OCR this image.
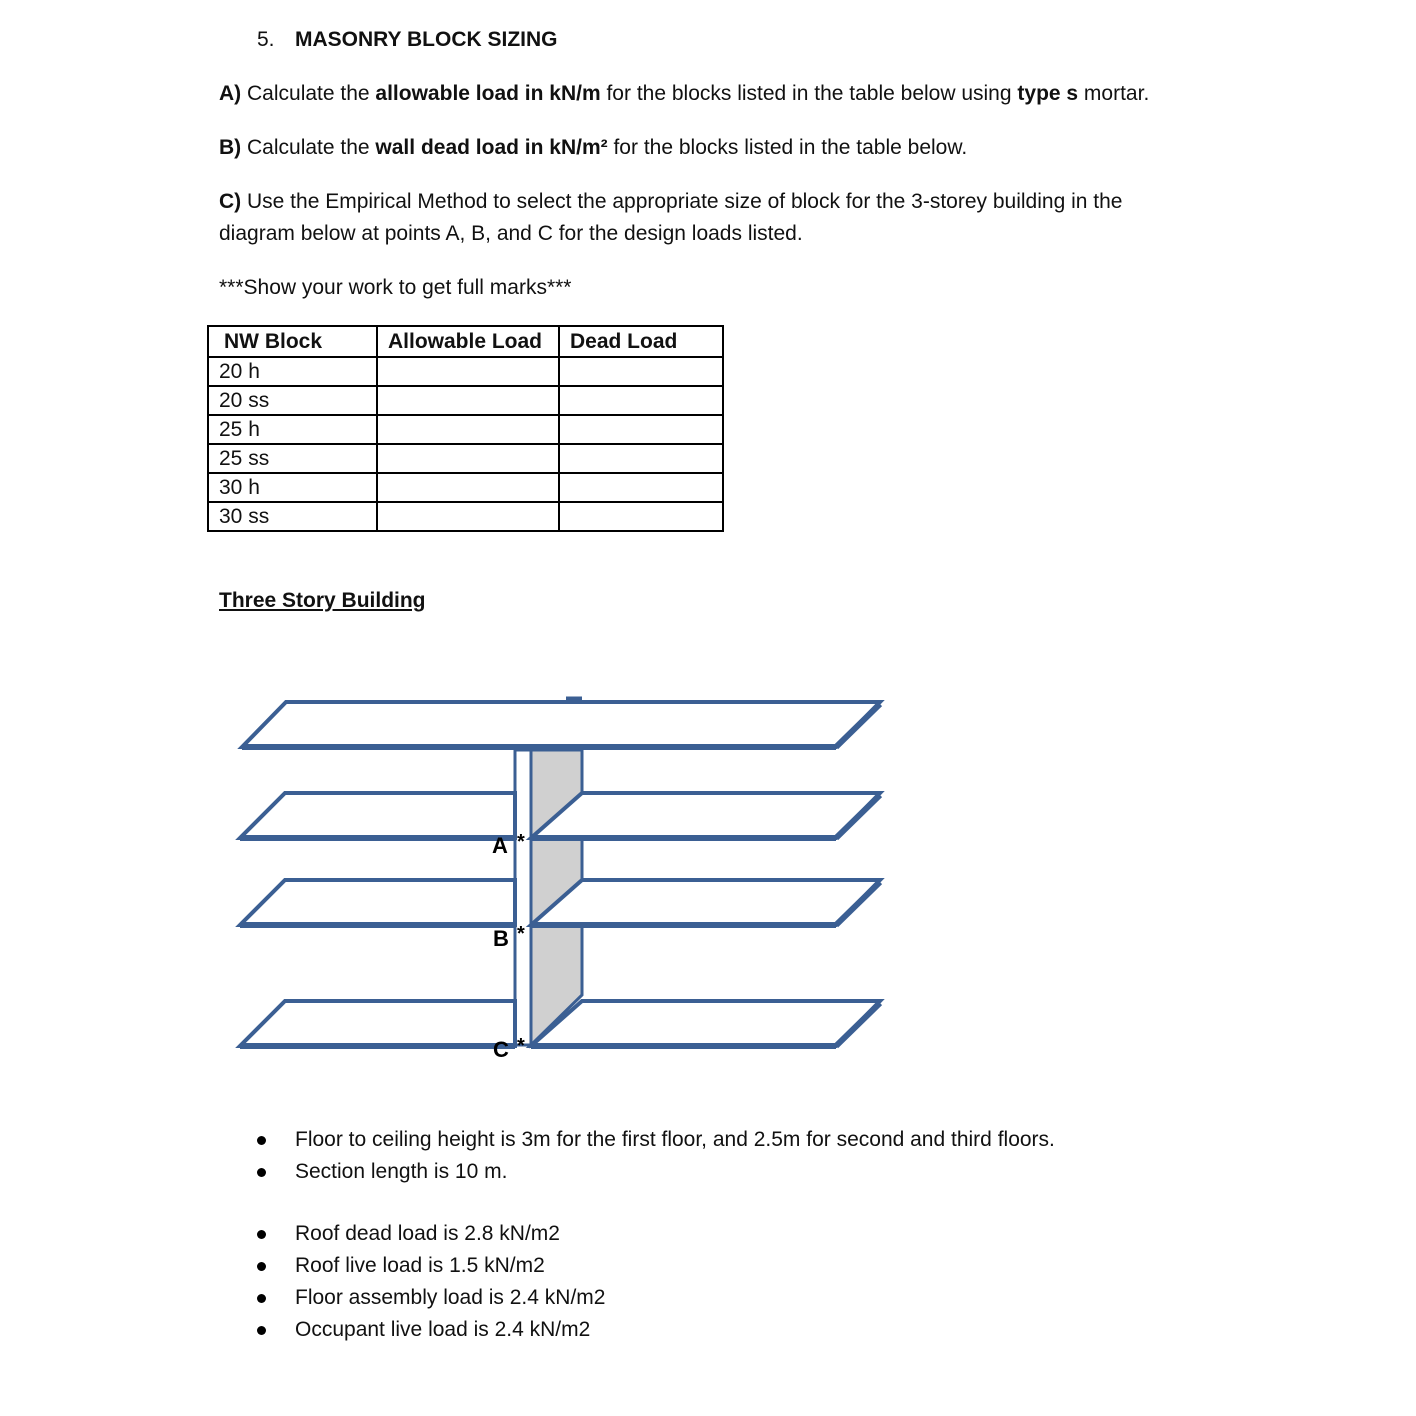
5. MASONRY BLOCK SIZING
A) Calculate the allowable load in kN/m for the blocks listed in the table below using type s mortar.
B) Calculate the wall dead load in kN/m² for the blocks listed in the table below.
C) Use the Empirical Method to select the appropriate size of block for the 3-storey building in the
diagram below at points A, B, and C for the design loads listed.
***Show your work to get full marks***
NW Block	Allowable Load	Dead Load
20 h		
20 ss		
25 h		
25 ss		
30 h		
30 ss		
Three Story Building
A *
B *
C *
Floor to ceiling height is 3m for the first floor, and 2.5m for second and third floors.
Section length is 10 m.
Roof dead load is 2.8 kN/m2
Roof live load is 1.5 kN/m2
Floor assembly load is 2.4 kN/m2
Occupant live load is 2.4 kN/m2
